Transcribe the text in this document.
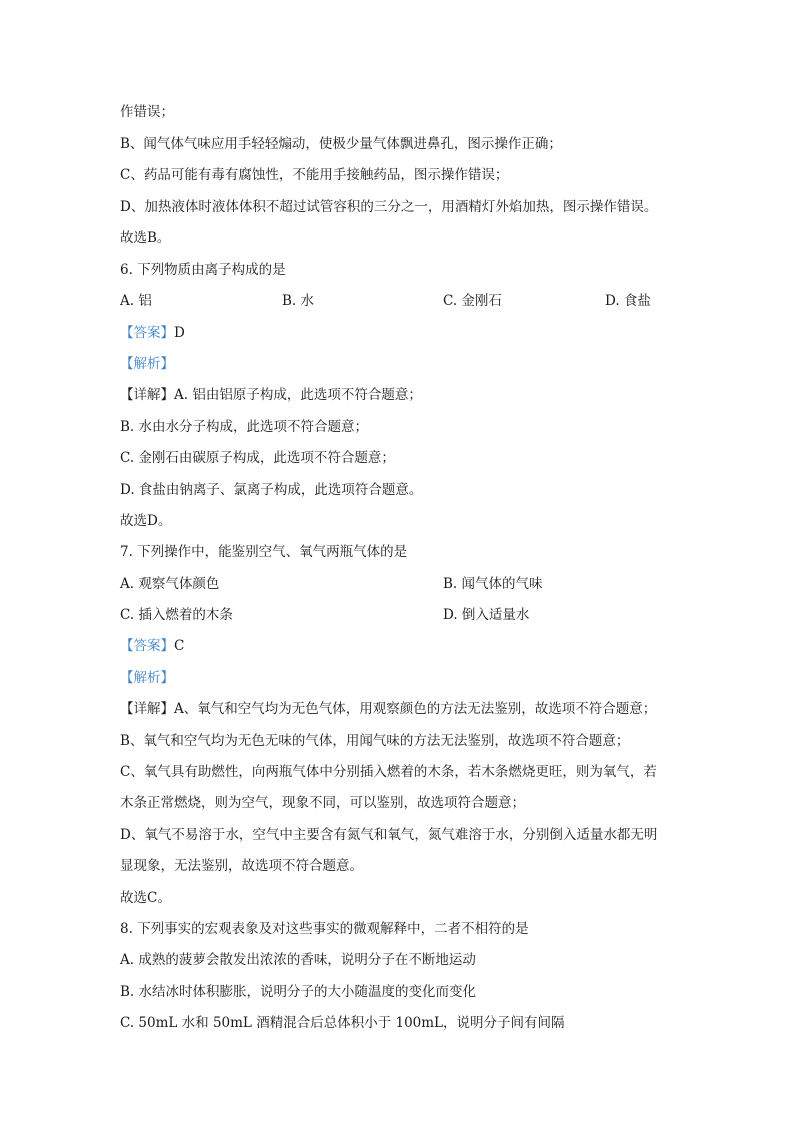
作错误；
B、闻气体气味应用手轻轻煽动，使极少量气体飘进鼻孔，图示操作正确；
C、药品可能有毒有腐蚀性，不能用手接触药品，图示操作错误；
D、加热液体时液体体积不超过试管容积的三分之一，用酒精灯外焰加热，图示操作错误。
故选B。
6. 下列物质由离子构成的是
A. 铝	B. 水	C. 金刚石	D. 食盐
【答案】D
【解析】
【详解】A. 铝由铝原子构成，此选项不符合题意；
B. 水由水分子构成，此选项不符合题意；
C. 金刚石由碳原子构成，此选项不符合题意；
D. 食盐由钠离子、氯离子构成，此选项符合题意。
故选D。
7. 下列操作中，能鉴别空气、氧气两瓶气体的是
A. 观察气体颜色	B. 闻气体的气味
C. 插入燃着的木条	D. 倒入适量水
【答案】C
【解析】
【详解】A、氧气和空气均为无色气体，用观察颜色的方法无法鉴别，故选项不符合题意；
B、氧气和空气均为无色无味的气体，用闻气味的方法无法鉴别，故选项不符合题意；
C、氧气具有助燃性，向两瓶气体中分别插入燃着的木条，若木条燃烧更旺，则为氧气，若
木条正常燃烧，则为空气，现象不同，可以鉴别，故选项符合题意；
D、氧气不易溶于水，空气中主要含有氮气和氧气，氮气难溶于水，分别倒入适量水都无明
显现象，无法鉴别，故选项不符合题意。
故选C。
8. 下列事实的宏观表象及对这些事实的微观解释中，二者不相符的是
A. 成熟的菠萝会散发出浓浓的香味，说明分子在不断地运动
B. 水结冰时体积膨胀，说明分子的大小随温度的变化而变化
C. 50mL 水和 50mL 酒精混合后总体积小于 100mL，说明分子间有间隔
